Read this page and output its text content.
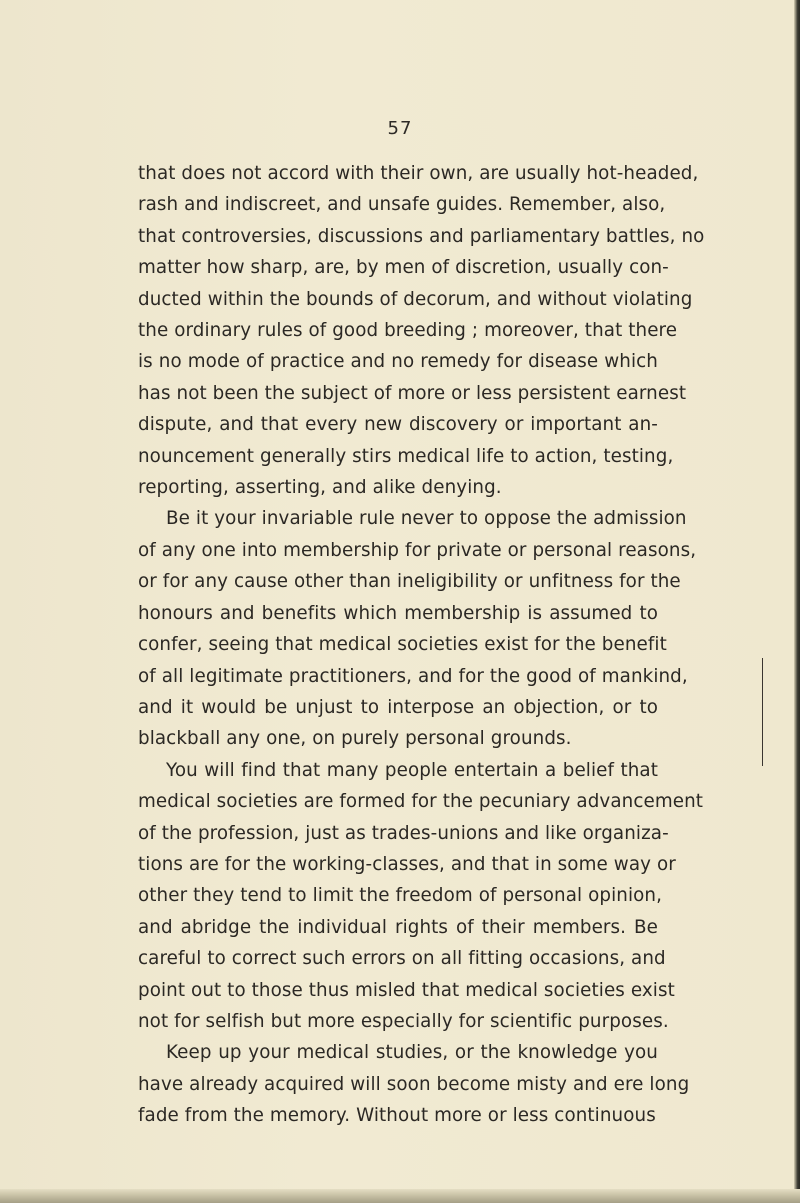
57
that does not accord with their own, are usually hot-headed,
rash and indiscreet, and unsafe guides. Remember, also,
that controversies, discussions and parliamentary battles, no
matter how sharp, are, by men of discretion, usually con-
ducted within the bounds of decorum, and without violating
the ordinary rules of good breeding ; moreover, that there
is no mode of practice and no remedy for disease which
has not been the subject of more or less persistent earnest
dispute, and that every new discovery or important an-
nouncement generally stirs medical life to action, testing,
reporting, asserting, and alike denying.
Be it your invariable rule never to oppose the admission
of any one into membership for private or personal reasons,
or for any cause other than ineligibility or unfitness for the
honours and benefits which membership is assumed to
confer, seeing that medical societies exist for the benefit
of all legitimate practitioners, and for the good of mankind,
and it would be unjust to interpose an objection, or to
blackball any one, on purely personal grounds.
You will find that many people entertain a belief that
medical societies are formed for the pecuniary advancement
of the profession, just as trades-unions and like organiza-
tions are for the working-classes, and that in some way or
other they tend to limit the freedom of personal opinion,
and abridge the individual rights of their members. Be
careful to correct such errors on all fitting occasions, and
point out to those thus misled that medical societies exist
not for selfish but more especially for scientific purposes.
Keep up your medical studies, or the knowledge you
have already acquired will soon become misty and ere long
fade from the memory. Without more or less continuous
